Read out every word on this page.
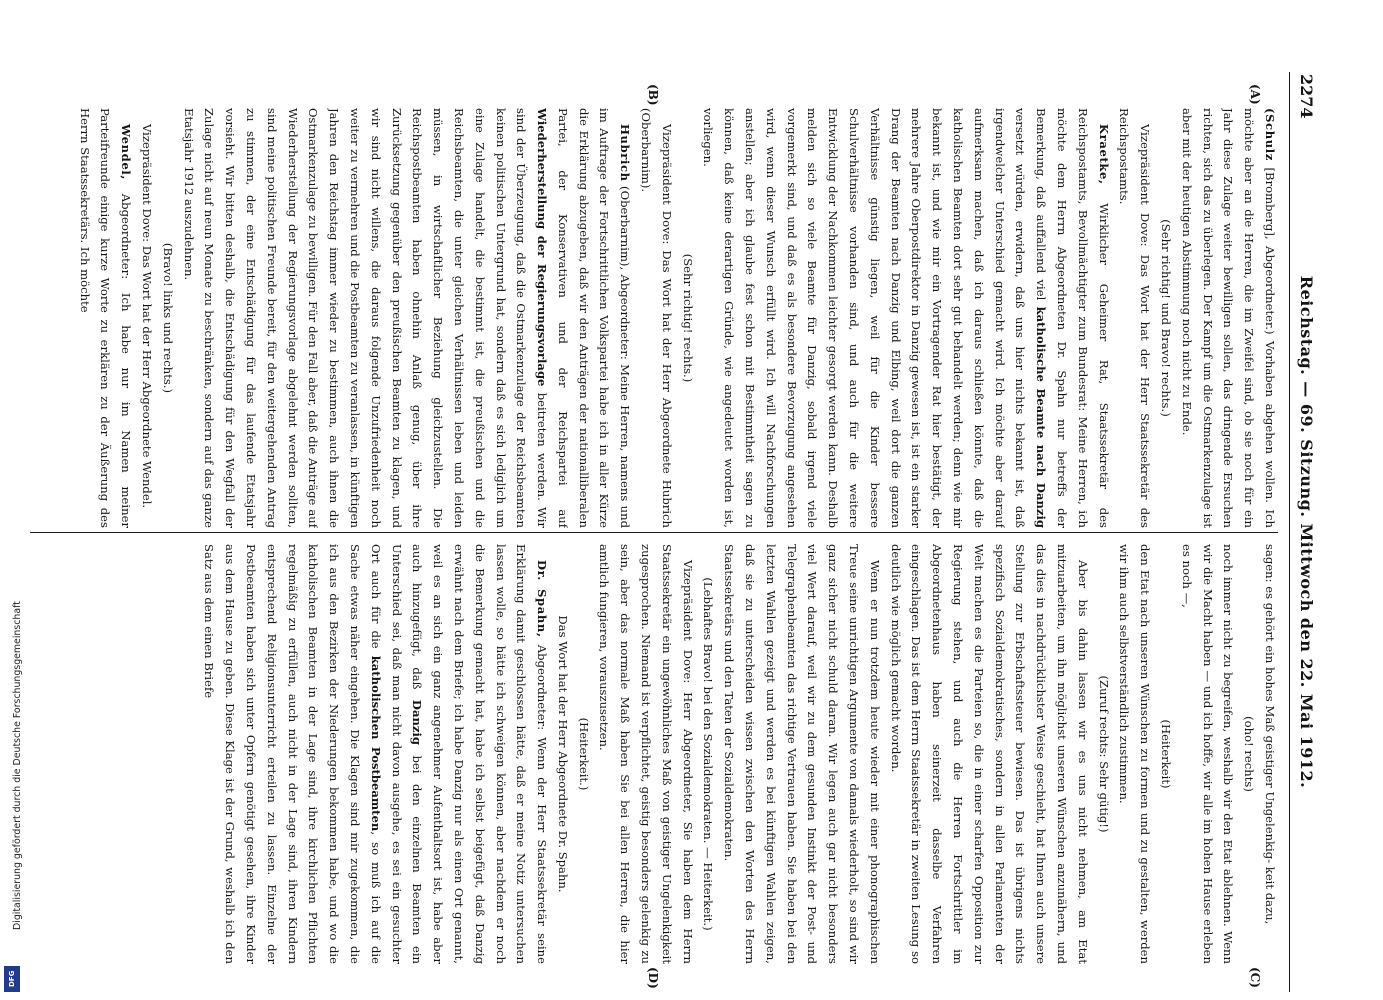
2274
Reichstag. — 69. Sitzung. Mittwoch den 22. Mai 1912.
(A)
(B)
(C)
(D)

(Schulz [Bromberg], Abgeordneter.) Vorhaben abgehen wollen. Ich möchte aber an die Herren, die im Zweifel sind, ob sie noch für ein Jahr diese Zulage weiter bewilligen sollen, das dringende Ersuchen richten, sich das zu überlegen. Der Kampf um die Ostmarkenzulage ist aber mit der heutigen Abstimmung noch nicht zu Ende.

(Sehr richtig! und Bravo! rechts.)

Vizepräsident Dove: Das Wort hat der Herr Staatssekretär des Reichspostamts.

Kraetke, Wirklicher Geheimer Rat, Staatssekretär des Reichspostamts, Bevollmächtigter zum Bundesrat: Meine Herren, ich möchte dem Herrn Abgeordneten Dr. Spahn nur betreffs der Bemerkung, daß auffallend viel katholische Beamte nach Danzig versetzt würden, erwidern, daß uns hier nichts bekannt ist, daß irgendwelcher Unterschied gemacht wird. Ich möchte aber darauf aufmerksam machen, daß ich daraus schließen könnte, daß die katholischen Beamten dort sehr gut behandelt werden; denn wie mir bekannt ist, und wie mir ein Vortragender Rat hier bestätigt, der mehrere Jahre Oberpostdirektor in Danzig gewesen ist, ist ein starker Drang der Beamten nach Danzig und Elbing, weil dort die ganzen Verhältnisse günstig liegen, weil für die Kinder bessere Schulverhältnisse vorhanden sind, und auch für die weitere Entwicklung der Nachkommen leichter gesorgt werden kann. Deshalb melden sich so viele Beamte für Danzig, sobald irgend viele vorgemerkt sind, und daß es als besondere Bevorzugung angesehen wird, wenn dieser Wunsch erfüllt wird. Ich will Nachforschungen anstellen; aber ich glaube fest schon mit Bestimmtheit sagen zu können, daß keine derartigen Gründe, wie angedeutet worden ist, vorliegen.

(Sehr richtig! rechts.)

Vizepräsident Dove: Das Wort hat der Herr Abgeordnete Hubrich (Oberbarnim).

Hubrich (Oberbarnim), Abgeordneter: Meine Herren, namens und im Auftrage der Fortschrittlichen Volkspartei habe ich in aller Kürze die Erklärung abzugeben, daß wir den Anträgen der nationalliberalen Partei, der Konservativen und der Reichspartei auf Wiederherstellung der Regierungsvorlage beitreten werden. Wir sind der Überzeugung, daß die Ostmarkenzulage der Reichsbeamten keinen politischen Untergrund hat, sondern daß es sich lediglich um eine Zulage handelt, die bestimmt ist, die preußischen und die Reichsbeamten, die unter gleichen Verhältnissen leben und leiden müssen, in wirtschaftlicher Beziehung gleichzustellen. Die Reichspostbeamten haben ohnehin Anlaß genug, über ihre Zurücksetzung gegenüber den preußischen Beamten zu klagen, und wir sind nicht willens, die daraus folgende Unzufriedenheit noch weiter zu vermehren und die Postbeamten zu veranlassen, in künftigen Jahren den Reichstag immer wieder zu bestimmen, auch ihnen die Ostmarkenzulage zu bewilligen. Für den Fall aber, daß die Anträge auf Wiederherstellung der Regierungsvorlage abgelehnt werden sollten, sind meine politischen Freunde bereit, für den weitergehenden Antrag zu stimmen, der eine Entschädigung für das laufende Etatsjahr vorsieht. Wir bitten deshalb, die Entschädigung für den Wegfall der Zulage nicht auf neun Monate zu beschränken, sondern auf das ganze Etatsjahr 1912 auszudehnen.

(Bravo! links und rechts.)

Vizepräsident Dove: Das Wort hat der Herr Abgeordnete Wendel.

Wendel, Abgeordneter: Ich habe nur im Namen meiner Parteifreunde einige kurze Worte zu erklären zu der Äußerung des Herrn Staatssekretärs. Ich möchte

sagen: es gehört ein hohes Maß geistiger Ungelenkig- keit dazu,

(oho! rechts)

noch immer nicht zu begreifen, weshalb wir den Etat ablehnen. Wenn wir die Macht haben — und ich hoffe, wir alle im hohen Hause erleben es noch —,

(Heiterkeit)

den Etat nach unseren Wünschen zu formen und zu gestalten, werden wir ihm auch selbstverständlich zustimmen.

(Zuruf rechts: Sehr gütig!)

Aber bis dahin lassen wir es uns nicht nehmen, am Etat mitzuarbeiten, um ihn möglichst unseren Wünschen anzunähern, und das dies in nachdrücklichster Weise geschieht, hat Ihnen auch unsere Stellung zur Erbschaftssteuer bewiesen. Das ist übrigens nichts spezifisch Sozialdemokratisches, sondern in allen Parlamenten der Welt machen es die Parteien so, die in einer scharfen Opposition zur Regierung stehen, und auch die Herren Fortschrittler im Abgeordnetenhaus haben seinerzeit dasselbe Verfahren eingeschlagen. Das ist dem Herrn Staatssekretär in zweiten Lesung so deutlich wie möglich gemacht worden.

Wenn er nun trotzdem heute wieder mit einer phonographischen Treue seine unrichtigen Argumente von damals wiederholt, so sind wir ganz sicher nicht schuld daran. Wir legen auch gar nicht besonders viel Wert darauf, weil wir zu dem gesunden Instinkt der Post- und Telegraphenbeamten das richtige Vertrauen haben. Sie haben bei den letzten Wahlen gezeigt und werden es bei künftigen Wahlen zeigen, daß sie zu unterscheiden wissen zwischen den Worten des Herrn Staatssekretärs und den Taten der Sozialdemokraten.

(Lebhaftes Bravo! bei den Sozialdemokraten. — Heiterkeit.)

Vizepräsident Dove: Herr Abgeordneter, Sie haben dem Herrn Staatssekretär ein ungewöhnliches Maß von geistiger Ungelenkigkeit zugesprochen. Niemand ist verpflichtet, geistig besonders gelenkig zu sein, aber das normale Maß haben Sie bei allen Herren, die hier amtlich fungieren, vorauszusetzen.

(Heiterkeit.)

Das Wort hat der Herr Abgeordnete Dr. Spahn.

Dr. Spahn, Abgeordneter: Wenn der Herr Staatssekretär seine Erklärung damit geschlossen hätte, daß er meine Notiz untersuchen lassen wolle, so hätte ich schweigen können, aber nachdem er noch die Bemerkung gemacht hat, habe ich selbst beigefügt, daß Danzig erwähnt nach dem Briefe; ich habe Danzig nur als einen Ort genannt, weil es an sich ein ganz angenehmer Aufenthaltsort ist, habe aber auch hinzugefügt, daß Danzig bei den einzelnen Beamten ein Unterschied sei, daß man nicht davon ausgehe, es sei ein gesuchter Ort auch für die katholischen Postbeamten, so muß ich auf die Sache etwas näher eingehen. Die Klagen sind mir zugekommen, die ich aus den Bezirken der Niederungen bekommen habe, und wo die katholischen Beamten in der Lage sind, ihre kirchlichen Pflichten regelmäßig zu erfüllen, auch nicht in der Lage sind, ihren Kindern entsprechend Religionsunterricht erteilen zu lassen. Einzelne der Postbeamten haben sich unter Opfern genötigt gesehen, ihre Kinder aus dem Hause zu geben. Diese Klage ist der Grund, weshalb ich den Satz aus dem einen Briefe

Digitalisierung gefördert durch die Deutsche Forschungsgemeinschaft
DFG
